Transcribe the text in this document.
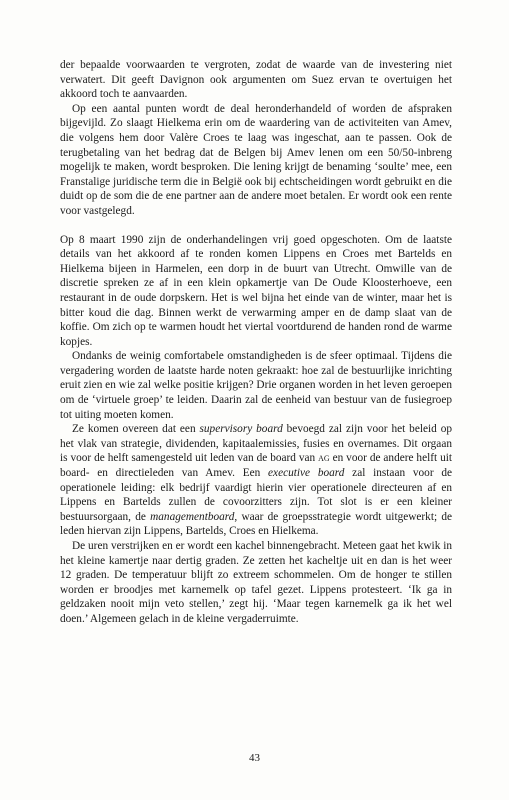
der bepaalde voorwaarden te vergroten, zodat de waarde van de investering niet verwatert. Dit geeft Davignon ook argumenten om Suez ervan te overtuigen het akkoord toch te aanvaarden.

Op een aantal punten wordt de deal heronderhandeld of worden de afspraken bijgevijld. Zo slaagt Hielkema erin om de waardering van de activiteiten van Amev, die volgens hem door Valère Croes te laag was ingeschat, aan te passen. Ook de terugbetaling van het bedrag dat de Belgen bij Amev lenen om een 50/50-inbreng mogelijk te maken, wordt besproken. Die lening krijgt de benaming ‘soulte’ mee, een Franstalige juridische term die in België ook bij echtscheidingen wordt gebruikt en die duidt op de som die de ene partner aan de andere moet betalen. Er wordt ook een rente voor vastgelegd.

Op 8 maart 1990 zijn de onderhandelingen vrij goed opgeschoten. Om de laatste details van het akkoord af te ronden komen Lippens en Croes met Bartelds en Hielkema bijeen in Harmelen, een dorp in de buurt van Utrecht. Omwille van de discretie spreken ze af in een klein opkamertje van De Oude Kloosterhoeve, een restaurant in de oude dorpskern. Het is wel bijna het einde van de winter, maar het is bitter koud die dag. Binnen werkt de verwarming amper en de damp slaat van de koffie. Om zich op te warmen houdt het viertal voortdurend de handen rond de warme kopjes.

Ondanks de weinig comfortabele omstandigheden is de sfeer optimaal. Tijdens die vergadering worden de laatste harde noten gekraakt: hoe zal de bestuurlijke inrichting eruit zien en wie zal welke positie krijgen? Drie organen worden in het leven geroepen om de ‘virtuele groep’ te leiden. Daarin zal de eenheid van bestuur van de fusiegroep tot uiting moeten komen.

Ze komen overeen dat een supervisory board bevoegd zal zijn voor het beleid op het vlak van strategie, dividenden, kapitaalemissies, fusies en overnames. Dit orgaan is voor de helft samengesteld uit leden van de board van ag en voor de andere helft uit board- en directieleden van Amev. Een executive board zal instaan voor de operationele leiding: elk bedrijf vaardigt hierin vier operationele directeuren af en Lippens en Bartelds zullen de covoorzitters zijn. Tot slot is er een kleiner bestuursorgaan, de managementboard, waar de groepsstrategie wordt uitgewerkt; de leden hiervan zijn Lippens, Bartelds, Croes en Hielkema.

De uren verstrijken en er wordt een kachel binnengebracht. Meteen gaat het kwik in het kleine kamertje naar dertig graden. Ze zetten het kacheltje uit en dan is het weer 12 graden. De temperatuur blijft zo extreem schommelen. Om de honger te stillen worden er broodjes met karnemelk op tafel gezet. Lippens protesteert. ‘Ik ga in geldzaken nooit mijn veto stellen,’ zegt hij. ‘Maar tegen karnemelk ga ik het wel doen.’ Algemeen gelach in de kleine vergaderruimte.

43
